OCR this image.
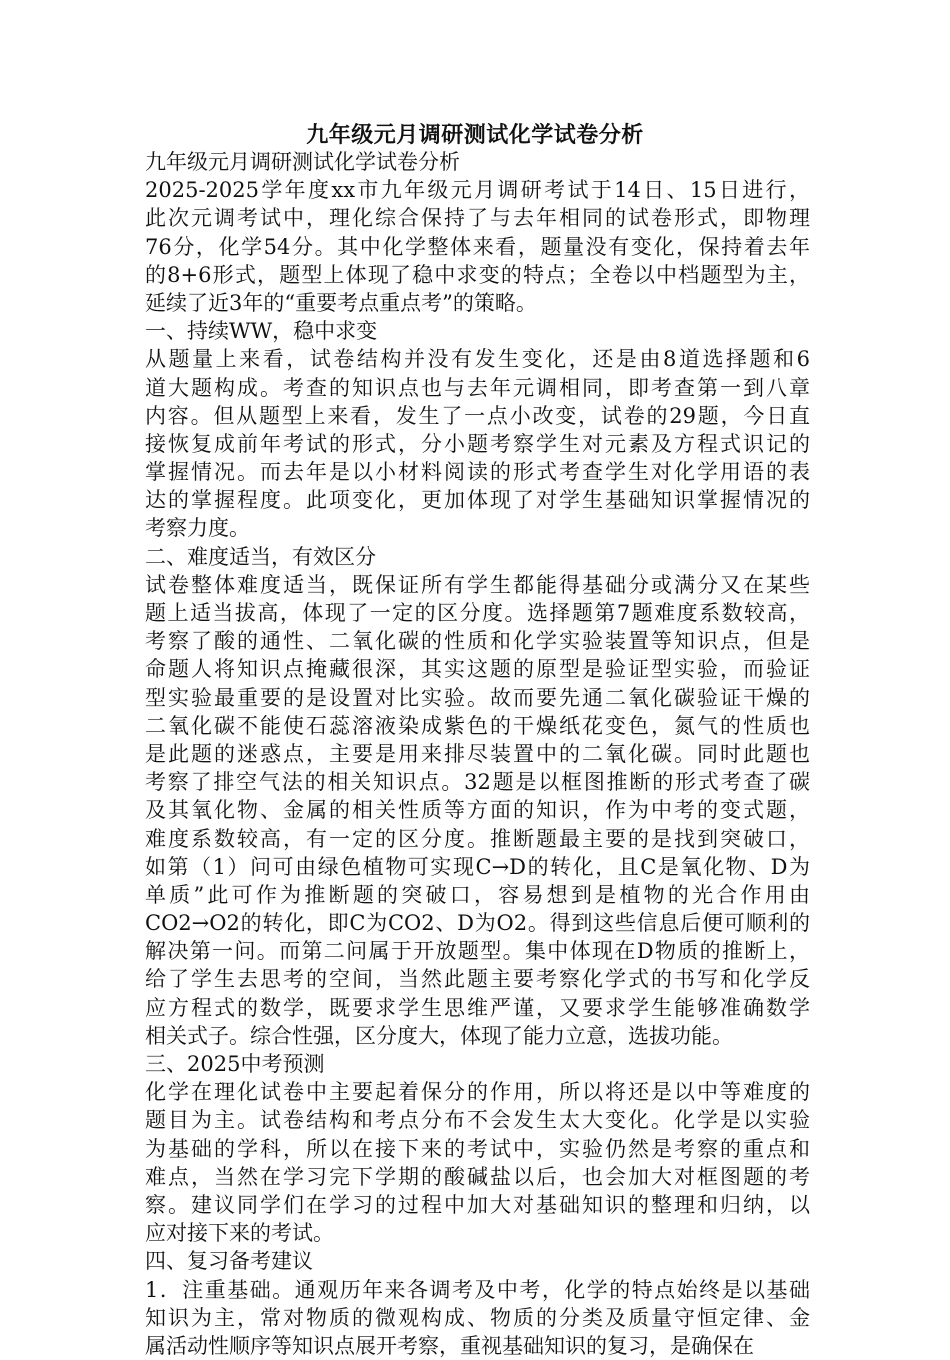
九年级元月调研测试化学试卷分析
九年级元月调研测试化学试卷分析
2025-2025学年度xx市九年级元月调研考试于14日、15日进行，
此次元调考试中，理化综合保持了与去年相同的试卷形式，即物理
76分，化学54分。其中化学整体来看，题量没有变化，保持着去年
的8+6形式，题型上体现了稳中求变的特点；全卷以中档题型为主，
延续了近3年的“重要考点重点考”的策略。
一、持续WW，稳中求变
从题量上来看，试卷结构并没有发生变化，还是由8道选择题和6
道大题构成。考查的知识点也与去年元调相同，即考查第一到八章
内容。但从题型上来看，发生了一点小改变，试卷的29题，今日直
接恢复成前年考试的形式，分小题考察学生对元素及方程式识记的
掌握情况。而去年是以小材料阅读的形式考查学生对化学用语的表
达的掌握程度。此项变化，更加体现了对学生基础知识掌握情况的
考察力度。
二、难度适当，有效区分
试卷整体难度适当，既保证所有学生都能得基础分或满分又在某些
题上适当拔高，体现了一定的区分度。选择题第7题难度系数较高，
考察了酸的通性、二氧化碳的性质和化学实验装置等知识点，但是
命题人将知识点掩藏很深，其实这题的原型是验证型实验，而验证
型实验最重要的是设置对比实验。故而要先通二氧化碳验证干燥的
二氧化碳不能使石蕊溶液染成紫色的干燥纸花变色，氮气的性质也
是此题的迷惑点，主要是用来排尽装置中的二氧化碳。同时此题也
考察了排空气法的相关知识点。32题是以框图推断的形式考查了碳
及其氧化物、金属的相关性质等方面的知识，作为中考的变式题，
难度系数较高，有一定的区分度。推断题最主要的是找到突破口，
如第（1）问可由绿色植物可实现C→D的转化，且C是氧化物、D为
单质”此可作为推断题的突破口，容易想到是植物的光合作用由
CO2→O2的转化，即C为CO2、D为O2。得到这些信息后便可顺利的
解决第一问。而第二问属于开放题型。集中体现在D物质的推断上，
给了学生去思考的空间，当然此题主要考察化学式的书写和化学反
应方程式的数学，既要求学生思维严谨，又要求学生能够准确数学
相关式子。综合性强，区分度大，体现了能力立意，选拔功能。
三、2025中考预测
化学在理化试卷中主要起着保分的作用，所以将还是以中等难度的
题目为主。试卷结构和考点分布不会发生太大变化。化学是以实验
为基础的学科，所以在接下来的考试中，实验仍然是考察的重点和
难点，当然在学习完下学期的酸碱盐以后，也会加大对框图题的考
察。建议同学们在学习的过程中加大对基础知识的整理和归纳，以
应对接下来的考试。
四、复习备考建议
1．注重基础。通观历年来各调考及中考，化学的特点始终是以基础
知识为主，常对物质的微观构成、物质的分类及质量守恒定律、金
属活动性顺序等知识点展开考察，重视基础知识的复习，是确保在
